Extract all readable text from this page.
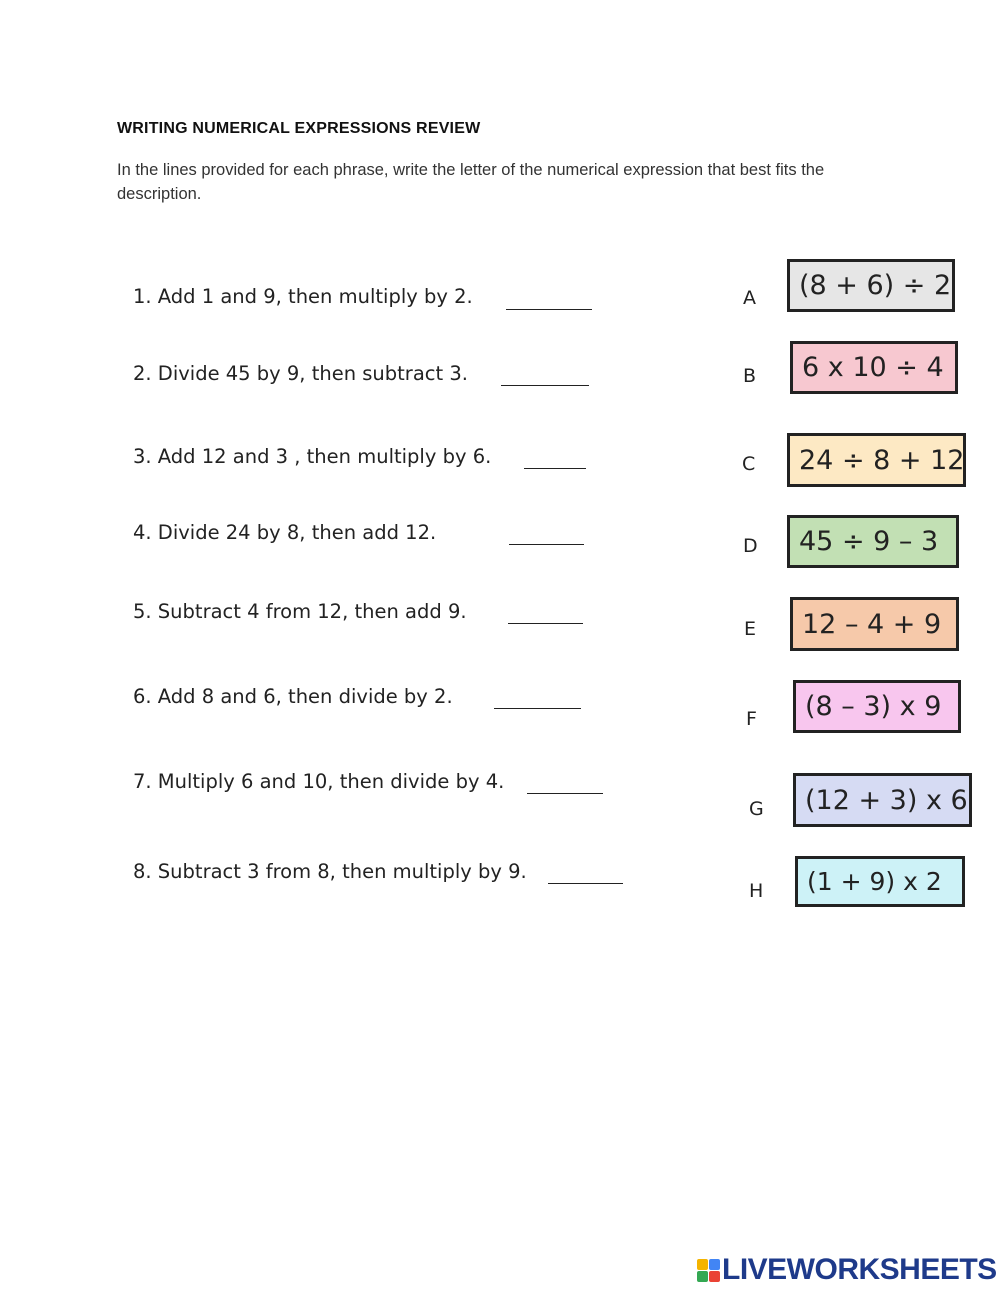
WRITING NUMERICAL EXPRESSIONS REVIEW
In the lines provided for each phrase, write the letter of the numerical expression that best fits the description.
1. Add 1 and 9, then multiply by 2.
2. Divide 45 by 9, then subtract 3.
3. Add 12 and 3 , then multiply by 6.
4. Divide 24 by 8, then add 12.
5. Subtract 4 from 12, then add 9.
6. Add 8 and 6, then divide by 2.
7. Multiply 6 and 10, then divide by 4.
8. Subtract 3 from 8, then multiply by 9.
A
B
C
D
E
F
G
H
(8 + 6) ÷ 2
6 x 10 ÷ 4
24 ÷ 8 + 12
45 ÷ 9 – 3
12 – 4 + 9
(8 – 3) x 9
(12 + 3) x 6
(1 + 9) x 2
LIVEWORKSHEETS
